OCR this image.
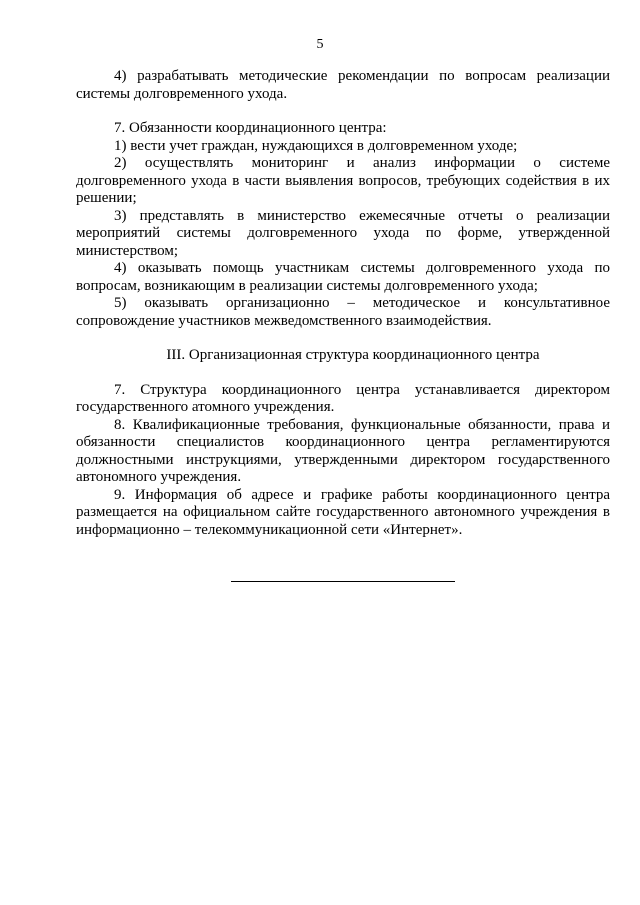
5

4) разрабатывать методические рекомендации по вопросам реализации системы долговременного ухода.

7. Обязанности координационного центра:

1) вести учет граждан, нуждающихся в долговременном уходе;

2) осуществлять мониторинг и анализ информации о системе долговременного ухода в части выявления вопросов, требующих содействия в их решении;

3) представлять в министерство ежемесячные отчеты о реализации мероприятий системы долговременного ухода по форме, утвержденной министерством;

4) оказывать помощь участникам системы долговременного ухода по вопросам, возникающим в реализации системы долговременного ухода;

5) оказывать организационно – методическое и консультативное сопровождение участников межведомственного взаимодействия.

III. Организационная структура координационного центра

7. Структура координационного центра устанавливается директором государственного атомного учреждения.

8. Квалификационные требования, функциональные обязанности, права и обязанности специалистов координационного центра регламентируются должностными инструкциями, утвержденными директором государственного автономного учреждения.

9. Информация об адресе и графике работы координационного центра размещается на официальном сайте государственного автономного учреждения в информационно – телекоммуникационной сети «Интернет».
